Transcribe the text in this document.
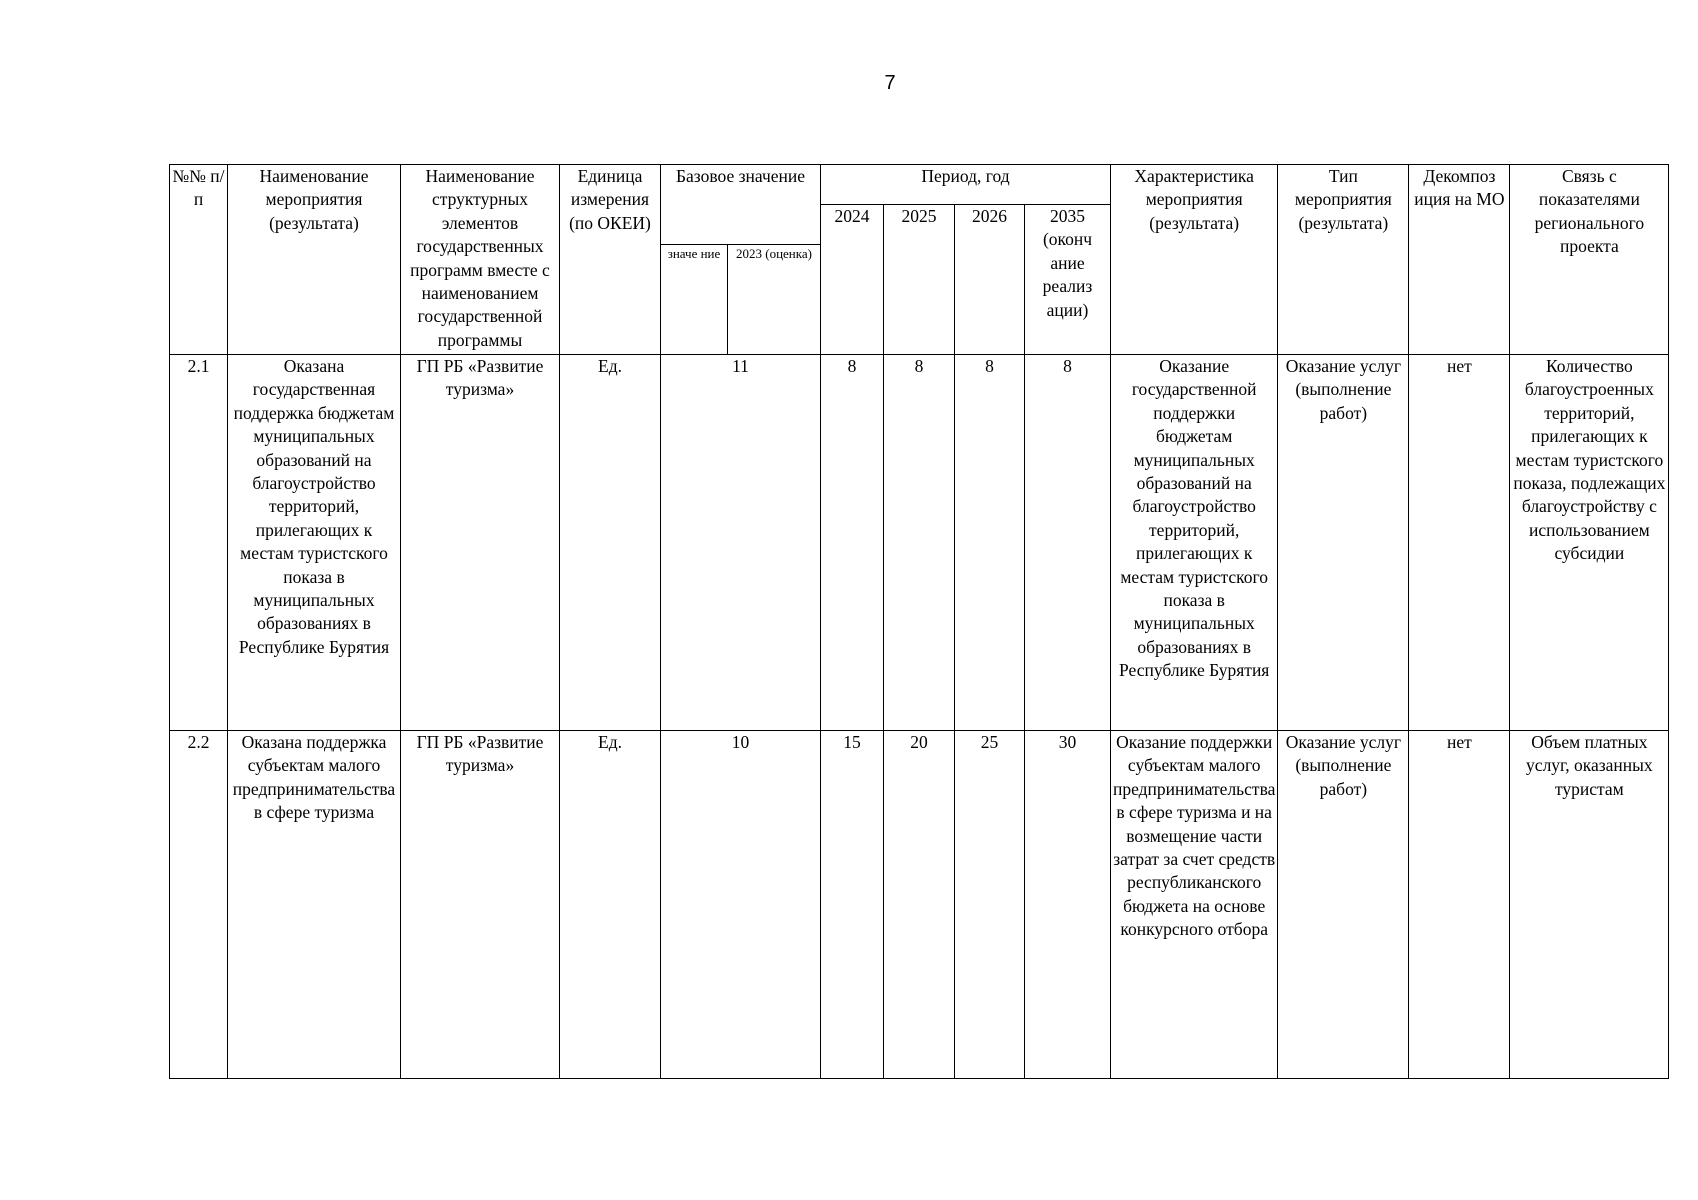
7
№№ п/п	Наименование мероприятия (результата)	Наименование структурных элементов государственных программ вместе с наименованием государственной программы	Единица измерения (по ОКЕИ)	Базовое значение		Период, год				Характеристика мероприятия (результата)	Тип мероприятия (результата)	Декомпоз иция на МО	Связь с показателями регионального проекта
						2024	2025	2026	2035 (оконч ание реализ ации)				
				значе ние	2023 (оценка)								
2.1	Оказана государственная поддержка бюджетам муниципальных образований на благоустройство территорий, прилегающих к местам туристского показа в муниципальных образованиях в Республике Бурятия	ГП РБ «Развитие туризма»	Ед.	11		8	8	8	8	Оказание государственной поддержки бюджетам муниципальных образований на благоустройство территорий, прилегающих к местам туристского показа в муниципальных образованиях в Республике Бурятия	Оказание услуг (выполнение работ)	нет	Количество благоустроенных территорий, прилегающих к местам туристского показа, подлежащих благоустройству с использованием субсидии
2.2	Оказана поддержка субъектам малого предпринимательства в сфере туризма	ГП РБ «Развитие туризма»	Ед.	10		15	20	25	30	Оказание поддержки субъектам малого предпринимательства в сфере туризма и на возмещение части затрат за счет средств республиканского бюджета на основе конкурсного отбора	Оказание услуг (выполнение работ)	нет	Объем платных услуг, оказанных туристам
